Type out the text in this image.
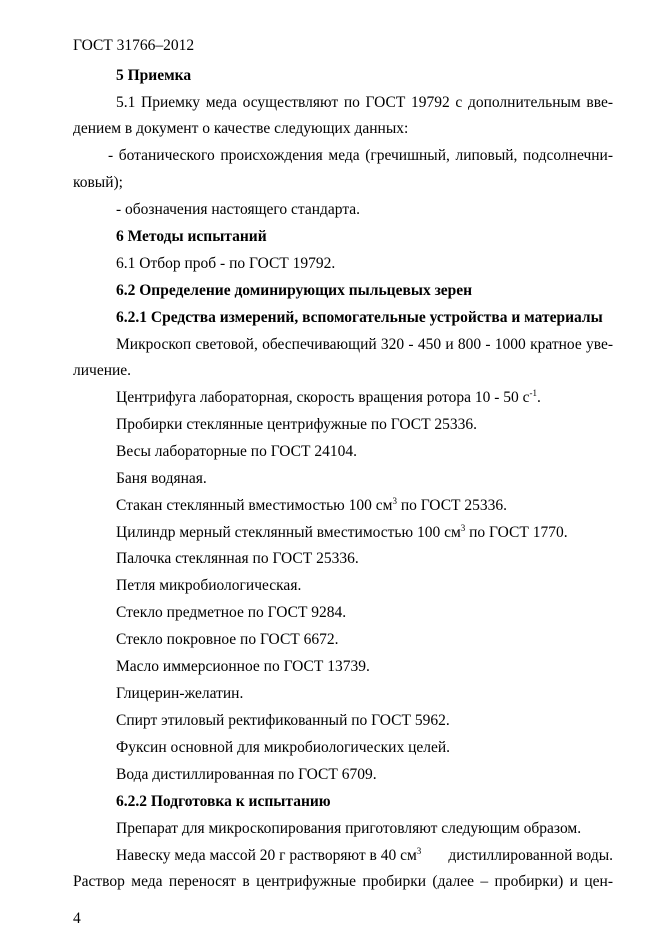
ГОСТ 31766–2012
5 Приемка
5.1 Приемку меда осуществляют по ГОСТ 19792 с дополнительным вве-
дением в документ о качестве следующих данных:
- ботанического происхождения меда (гречишный, липовый, подсолнечни-
ковый);
- обозначения настоящего стандарта.
6 Методы испытаний
6.1 Отбор проб - по ГОСТ 19792.
6.2 Определение доминирующих пыльцевых зерен
6.2.1 Средства измерений, вспомогательные устройства и материалы
Микроскоп световой, обеспечивающий 320 - 450 и 800 - 1000 кратное уве-
личение.
Центрифуга лабораторная, скорость вращения ротора 10 - 50 $с^{-1}$.
Пробирки стеклянные центрифужные по ГОСТ 25336.
Весы лабораторные по ГОСТ 24104.
Баня водяная.
Стакан стеклянный вместимостью 100 $см^3$ по ГОСТ 25336.
Цилиндр мерный стеклянный вместимостью 100 $см^3$ по ГОСТ 1770.
Палочка стеклянная по ГОСТ 25336.
Петля микробиологическая.
Стекло предметное по ГОСТ 9284.
Стекло покровное по ГОСТ 6672.
Масло иммерсионное по ГОСТ 13739.
Глицерин-желатин.
Спирт этиловый ректификованный по ГОСТ 5962.
Фуксин основной для микробиологических целей.
Вода дистиллированная по ГОСТ 6709.
6.2.2 Подготовка к испытанию
Препарат для микроскопирования приготовляют следующим образом.
Навеску меда массой 20 г растворяют в 40 см $^3$ дистиллированной воды.
Раствор меда переносят в центрифужные пробирки (далее – пробирки) и цен-
4
